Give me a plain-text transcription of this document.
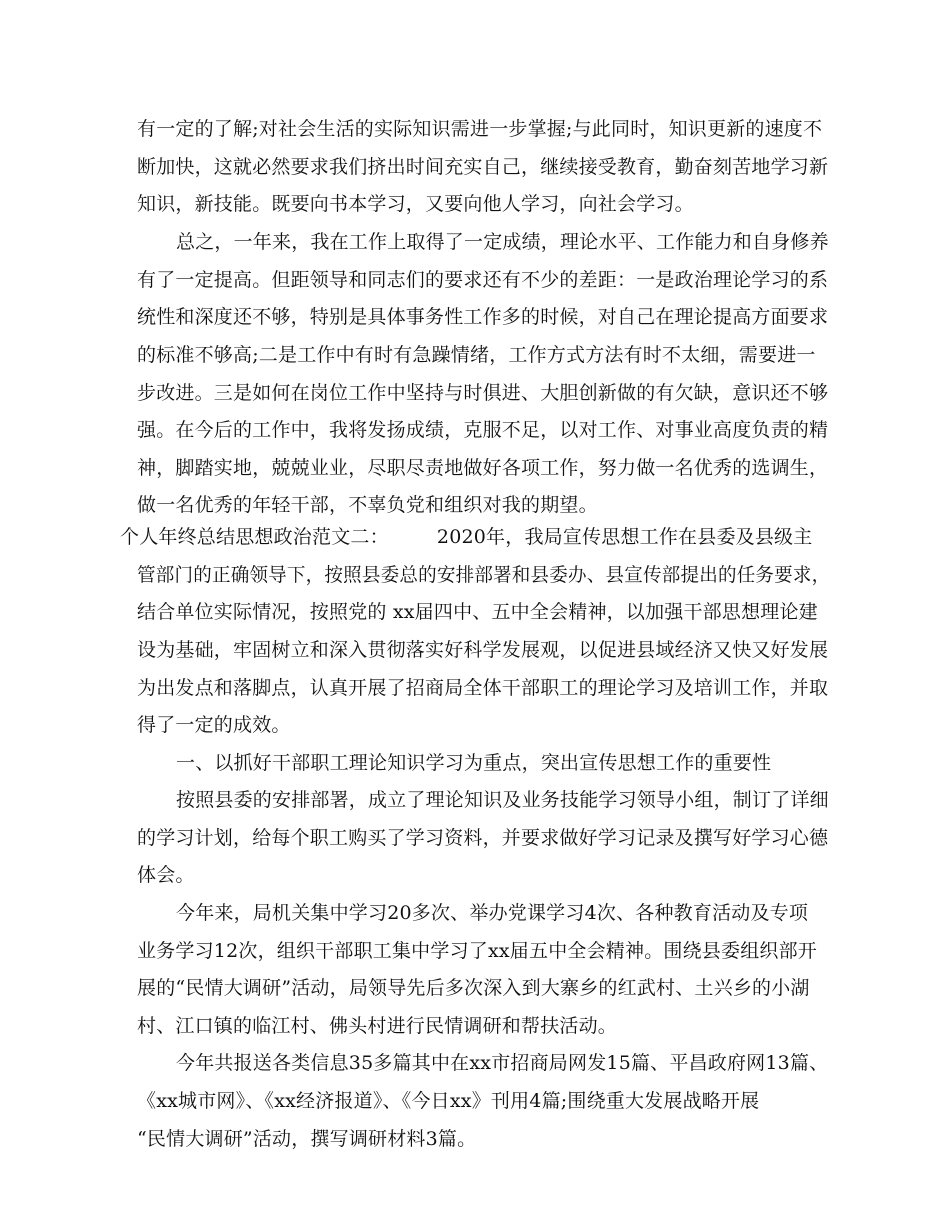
有一定的了解;对社会生活的实际知识需进一步掌握;与此同时，知识更新的速度不
断加快，这就必然要求我们挤出时间充实自己，继续接受教育，勤奋刻苦地学习新
知识，新技能。既要向书本学习，又要向他人学习，向社会学习。
总之，一年来，我在工作上取得了一定成绩，理论水平、工作能力和自身修养
有了一定提高。但距领导和同志们的要求还有不少的差距：一是政治理论学习的系
统性和深度还不够，特别是具体事务性工作多的时候，对自己在理论提高方面要求
的标准不够高;二是工作中有时有急躁情绪，工作方式方法有时不太细，需要进一
步改进。三是如何在岗位工作中坚持与时俱进、大胆创新做的有欠缺，意识还不够
强。在今后的工作中，我将发扬成绩，克服不足，以对工作、对事业高度负责的精
神，脚踏实地，兢兢业业，尽职尽责地做好各项工作，努力做一名优秀的选调生，
做一名优秀的年轻干部，不辜负党和组织对我的期望。
个人年终总结思想政治范文二：　　　2020年，我局宣传思想工作在县委及县级主
管部门的正确领导下，按照县委总的安排部署和县委办、县宣传部提出的任务要求，
结合单位实际情况，按照党的 xx届四中、五中全会精神，以加强干部思想理论建
设为基础，牢固树立和深入贯彻落实好科学发展观，以促进县域经济又快又好发展
为出发点和落脚点，认真开展了招商局全体干部职工的理论学习及培训工作，并取
得了一定的成效。
一、以抓好干部职工理论知识学习为重点，突出宣传思想工作的重要性
按照县委的安排部署，成立了理论知识及业务技能学习领导小组，制订了详细
的学习计划，给每个职工购买了学习资料，并要求做好学习记录及撰写好学习心德
体会。
今年来，局机关集中学习20多次、举办党课学习4次、各种教育活动及专项
业务学习12次，组织干部职工集中学习了xx届五中全会精神。围绕县委组织部开
展的“民情大调研”活动，局领导先后多次深入到大寨乡的红武村、土兴乡的小湖
村、江口镇的临江村、佛头村进行民情调研和帮扶活动。
今年共报送各类信息35多篇其中在xx市招商局网发15篇、平昌政府网13篇、
《xx城市网》、《xx经济报道》、《今日xx》刊用4篇;围绕重大发展战略开展
“民情大调研”活动，撰写调研材料3篇。
